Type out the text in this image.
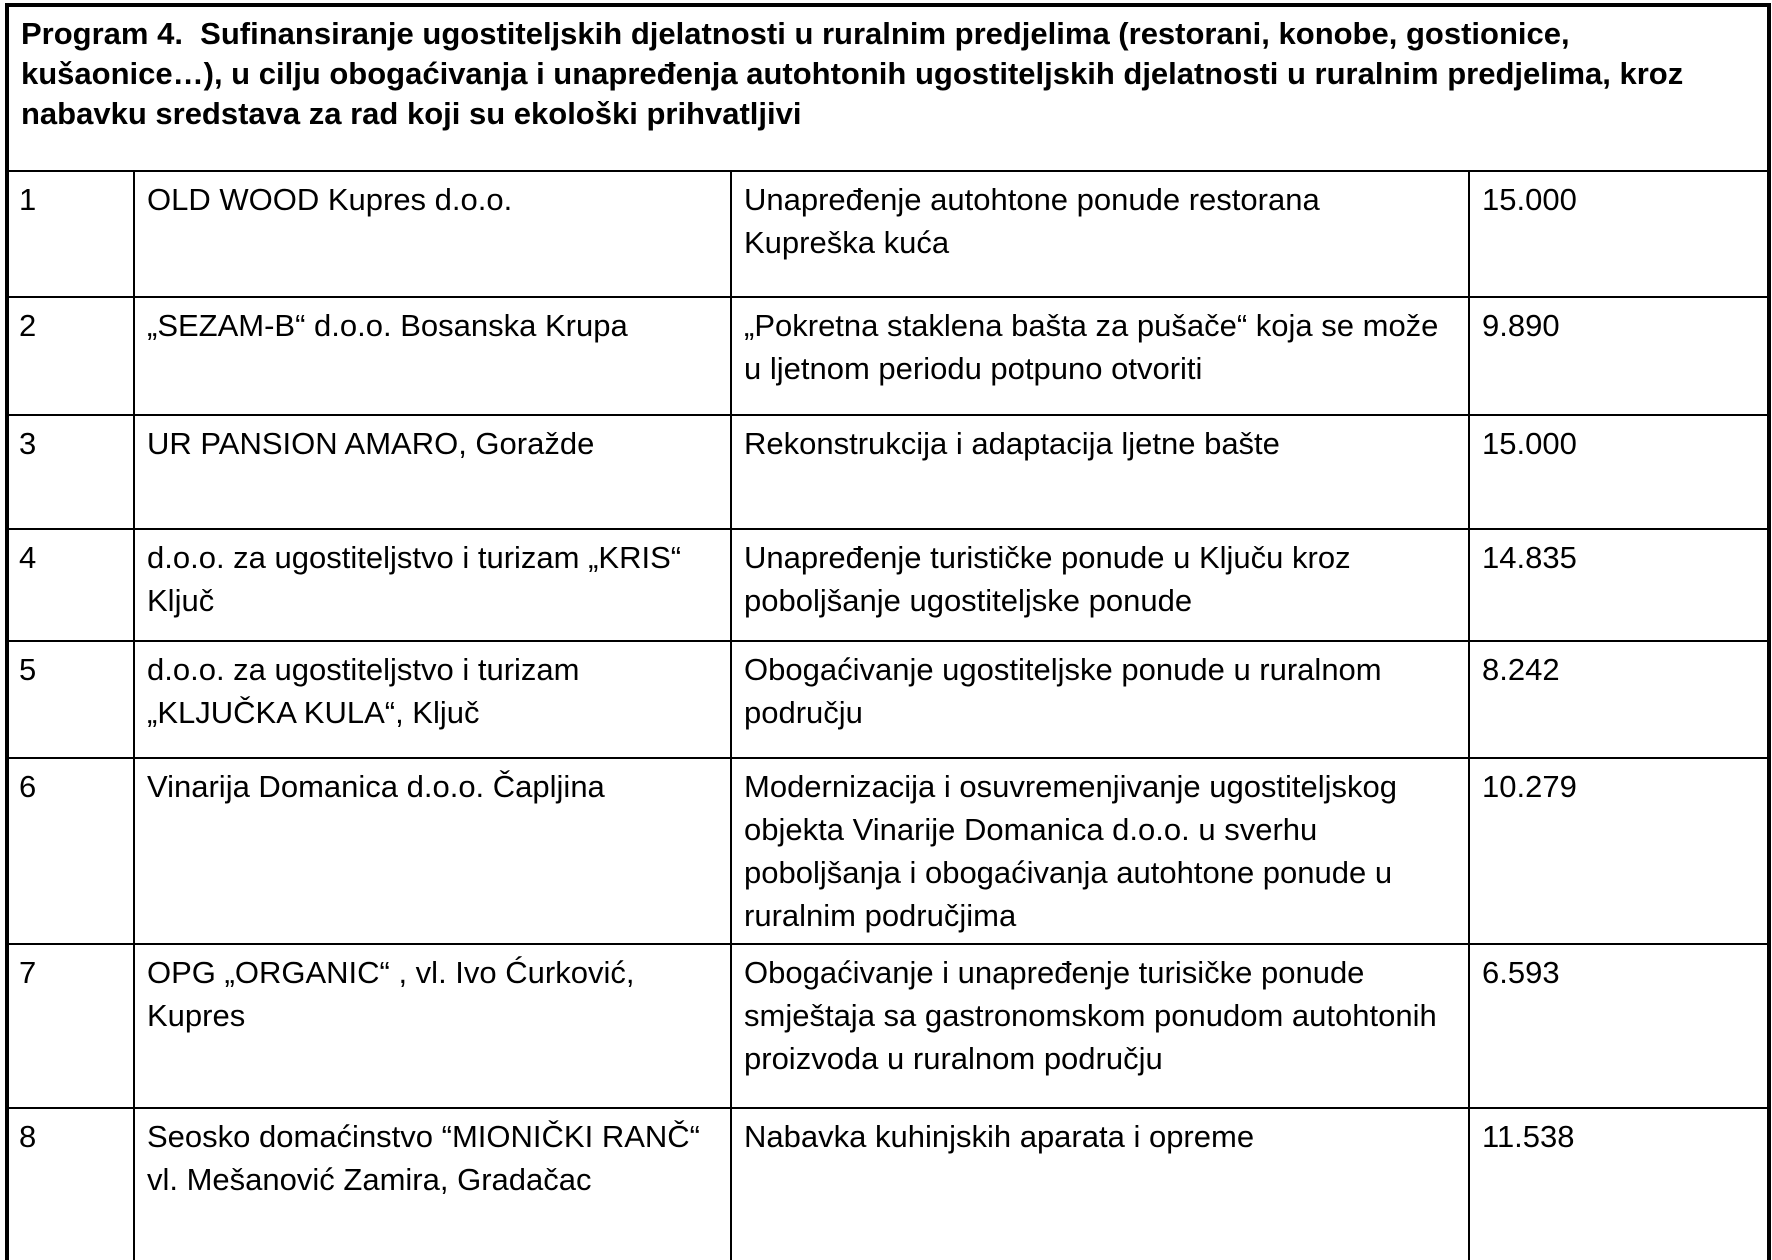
Program 4.  Sufinansiranje ugostiteljskih djelatnosti u ruralnim predjelima (restorani, konobe, gostionice, kušaonice…), u cilju obogaćivanja i unapređenja autohtonih ugostiteljskih djelatnosti u ruralnim predjelima, kroz nabavku sredstava za rad koji su ekološki prihvatljivi			
1	OLD WOOD Kupres d.o.o.	Unapređenje autohtone ponude restorana Kupreška kuća	15.000
2	„SEZAM-B“ d.o.o. Bosanska Krupa	„Pokretna staklena bašta za pušače“ koja se može u ljetnom periodu potpuno otvoriti	9.890
3	UR PANSION AMARO, Goražde	Rekonstrukcija i adaptacija ljetne bašte	15.000
4	d.o.o. za ugostiteljstvo i turizam „KRIS“ Ključ	Unapređenje turističke ponude u Ključu kroz poboljšanje ugostiteljske ponude	14.835
5	d.o.o. za ugostiteljstvo i turizam „KLJUČKA KULA“, Ključ	Obogaćivanje ugostiteljske ponude u ruralnom području	8.242
6	Vinarija Domanica d.o.o. Čapljina	Modernizacija i osuvremenjivanje ugostiteljskog objekta Vinarije Domanica d.o.o. u sverhu poboljšanja i obogaćivanja autohtone ponude u ruralnim područjima	10.279
7	OPG „ORGANIC“ , vl. Ivo Ćurković, Kupres	Obogaćivanje i unapređenje turisičke ponude smještaja sa gastronomskom ponudom autohtonih proizvoda u ruralnom području	6.593
8	Seosko domaćinstvo “MIONIČKI RANČ“ vl. Mešanović Zamira, Gradačac	Nabavka kuhinjskih aparata i opreme	11.538
